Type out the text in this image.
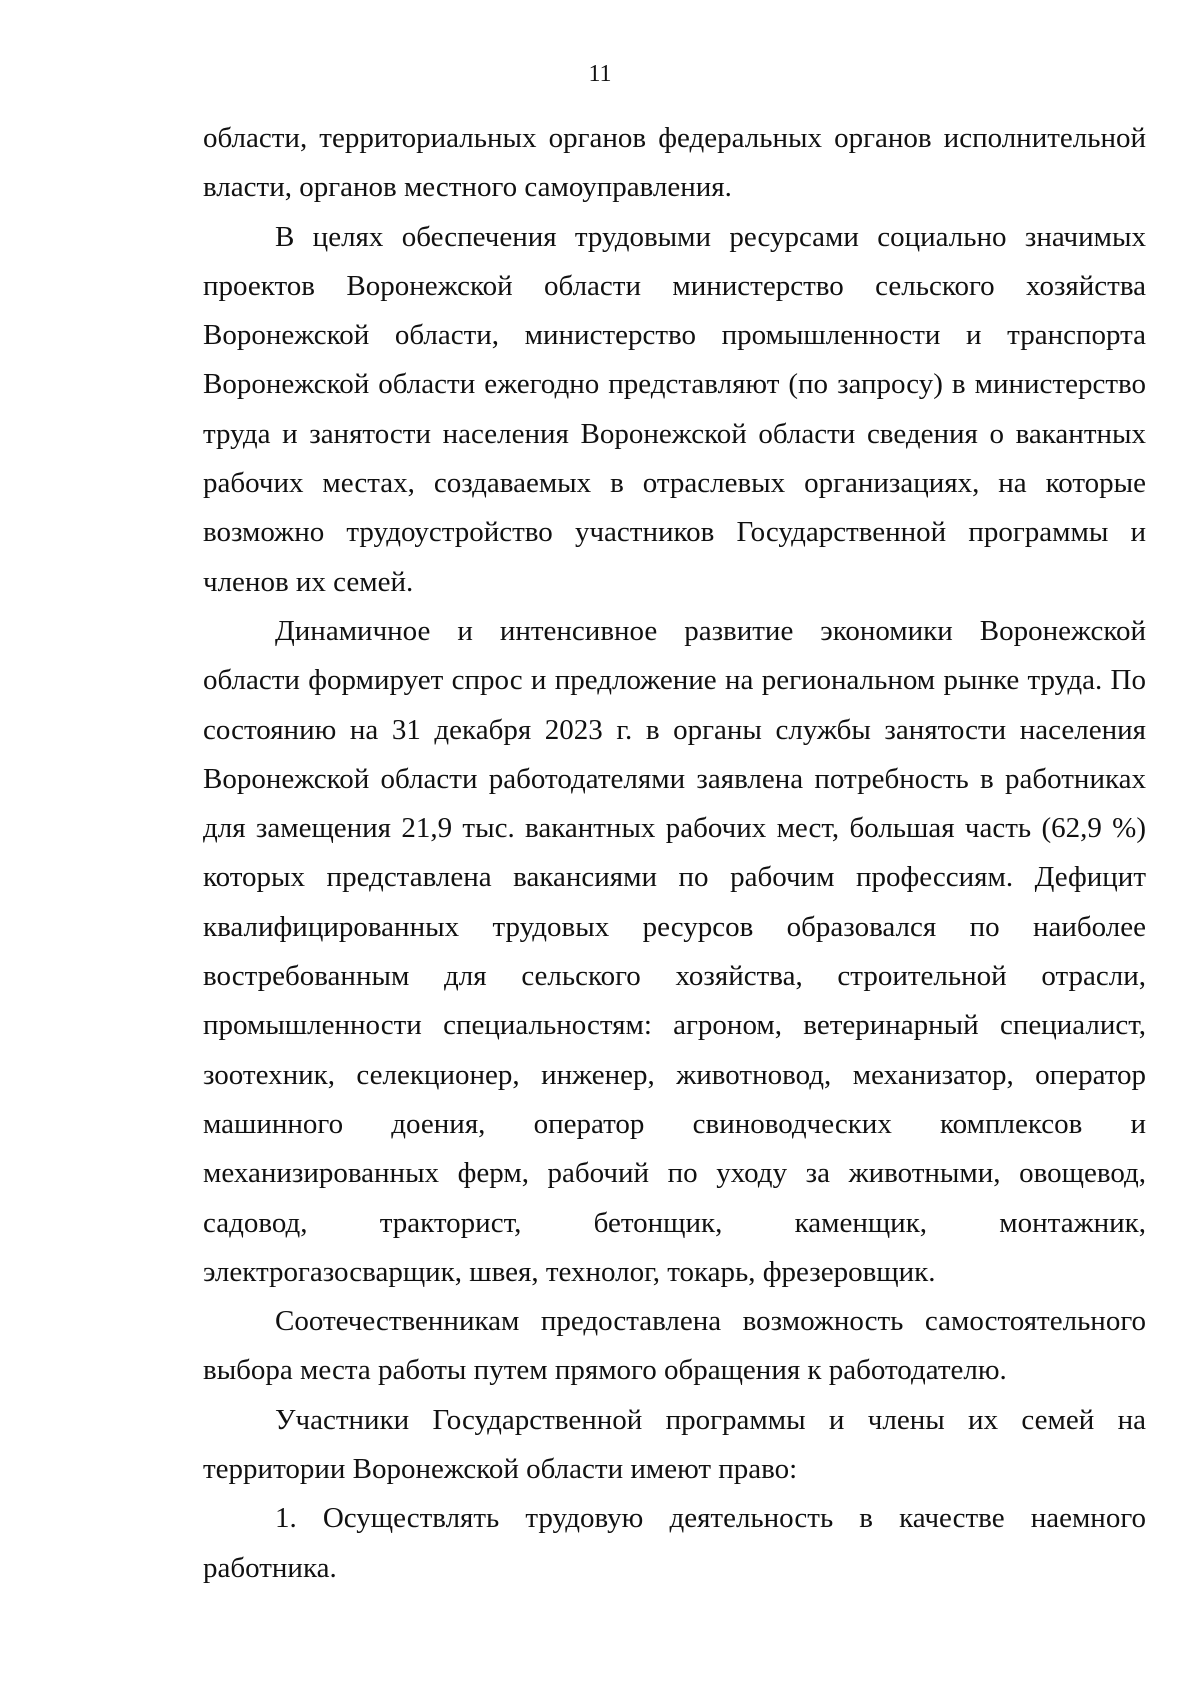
11

области, территориальных органов федеральных органов исполнительной власти, органов местного самоуправления.

В целях обеспечения трудовыми ресурсами социально значимых проектов Воронежской области министерство сельского хозяйства Воронежской области, министерство промышленности и транспорта Воронежской области ежегодно представляют (по запросу) в министерство труда и занятости населения Воронежской области сведения о вакантных рабочих местах, создаваемых в отраслевых организациях, на которые возможно трудоустройство участников Государственной программы и членов их семей.

Динамичное и интенсивное развитие экономики Воронежской области формирует спрос и предложение на региональном рынке труда. По состоянию на 31 декабря 2023 г. в органы службы занятости населения Воронежской области работодателями заявлена потребность в работниках для замещения 21,9 тыс. вакантных рабочих мест, большая часть (62,9 %) которых представлена вакансиями по рабочим профессиям. Дефицит квалифицированных трудовых ресурсов образовался по наиболее востребованным для сельского хозяйства, строительной отрасли, промышленности специальностям: агроном, ветеринарный специалист, зоотехник, селекционер, инженер, животновод, механизатор, оператор машинного доения, оператор свиноводческих комплексов и механизированных ферм, рабочий по уходу за животными, овощевод, садовод, тракторист, бетонщик, каменщик, монтажник, электрогазосварщик, швея, технолог, токарь, фрезеровщик.

Соотечественникам предоставлена возможность самостоятельного выбора места работы путем прямого обращения к работодателю.

Участники Государственной программы и члены их семей на территории Воронежской области имеют право:

1. Осуществлять трудовую деятельность в качестве наемного работника.
